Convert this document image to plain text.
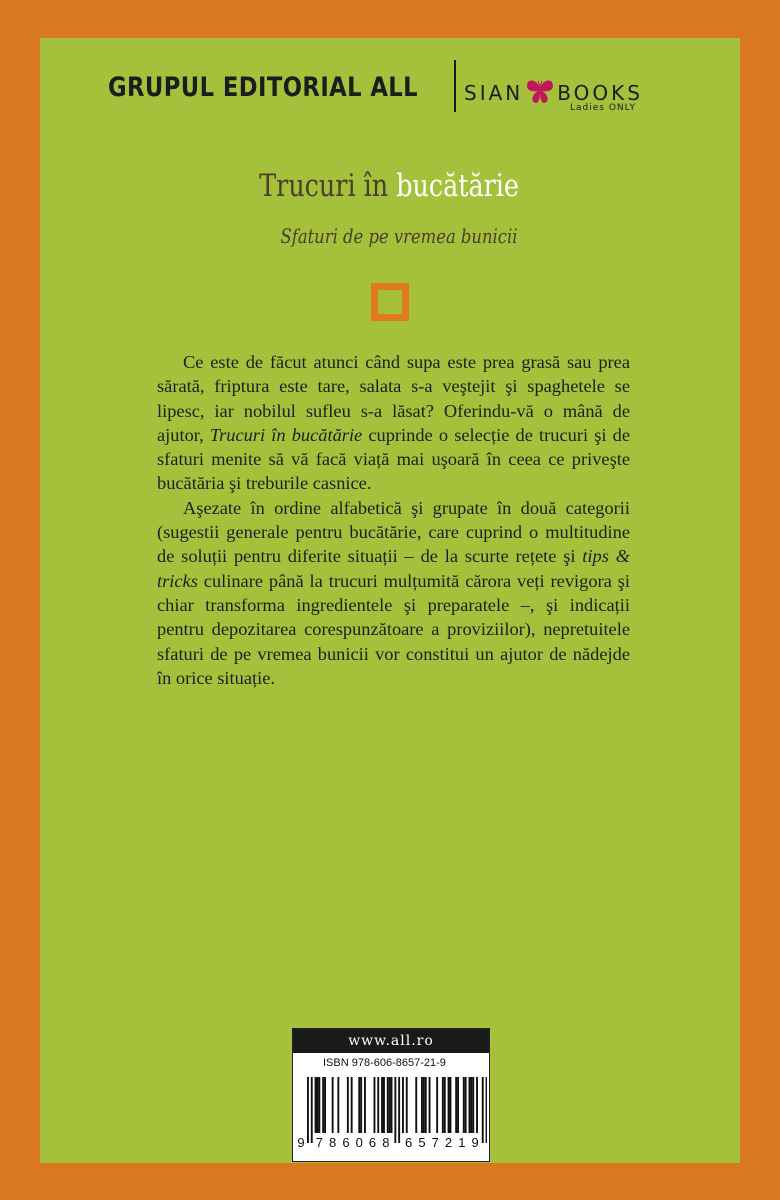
GRUPUL EDITORIAL ALL SIAN BOOKS
Ladies ONLY
Trucuri în bucătărie
Sfaturi de pe vremea bunicii

Ce este de făcut atunci când supa este prea grasă sau prea sărată, friptura este tare, salata s-a veştejit şi spaghetele se lipesc, iar nobilul sufleu s-a lăsat? Oferindu-vă o mână de ajutor, Trucuri în bucătărie cuprinde o selecție de trucuri şi de sfaturi menite să vă facă viață mai uşoară în ceea ce priveşte bucătăria şi treburile casnice.

Aşezate în ordine alfabetică şi grupate în două categorii (sugestii generale pentru bucătărie, care cuprind o multitudine de soluții pentru diferite situații – de la scurte rețete şi tips & tricks culinare până la trucuri mulțumită cărora veți revigora şi chiar transforma ingredientele şi preparatele –, şi indicații pentru depozitarea corespunzătoare a proviziilor), nepretuitele sfaturi de pe vremea bunicii vor constitui un ajutor de nădejde în orice situație.

www.all.ro
ISBN 978-606-8657-21-9
9 7 8 6 0 6 8 6 5 7 2 1 9
